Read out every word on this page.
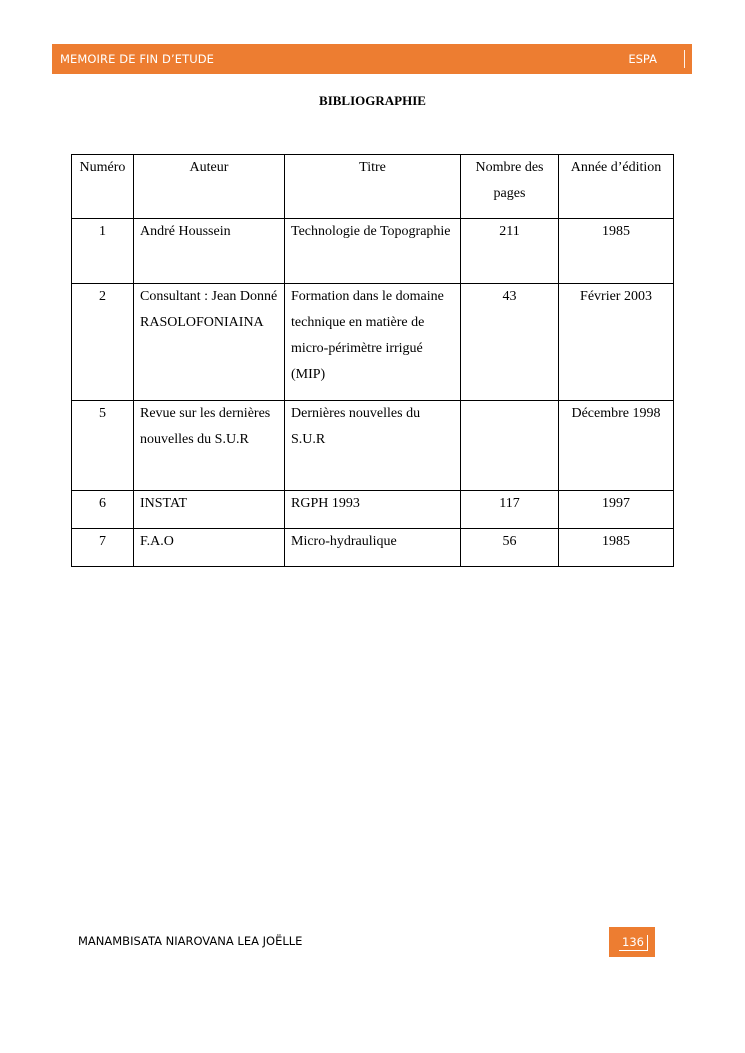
MEMOIRE DE FIN D’ETUDE	ESPA
BIBLIOGRAPHIE
Numéro	Auteur	Titre	Nombre des pages	Année d’édition
1	André Houssein	Technologie de Topographie	211	1985
2	Consultant : Jean Donné RASOLOFONIAINA	Formation dans le domaine technique en matière de micro-périmètre irrigué (MIP)	43	Février 2003
5	Revue sur les dernières nouvelles du S.U.R	Dernières nouvelles du S.U.R		Décembre 1998
6	INSTAT	RGPH 1993	117	1997
7	F.A.O	Micro-hydraulique	56	1985
MANAMBISATA NIAROVANA LEA JOËLLE	136
